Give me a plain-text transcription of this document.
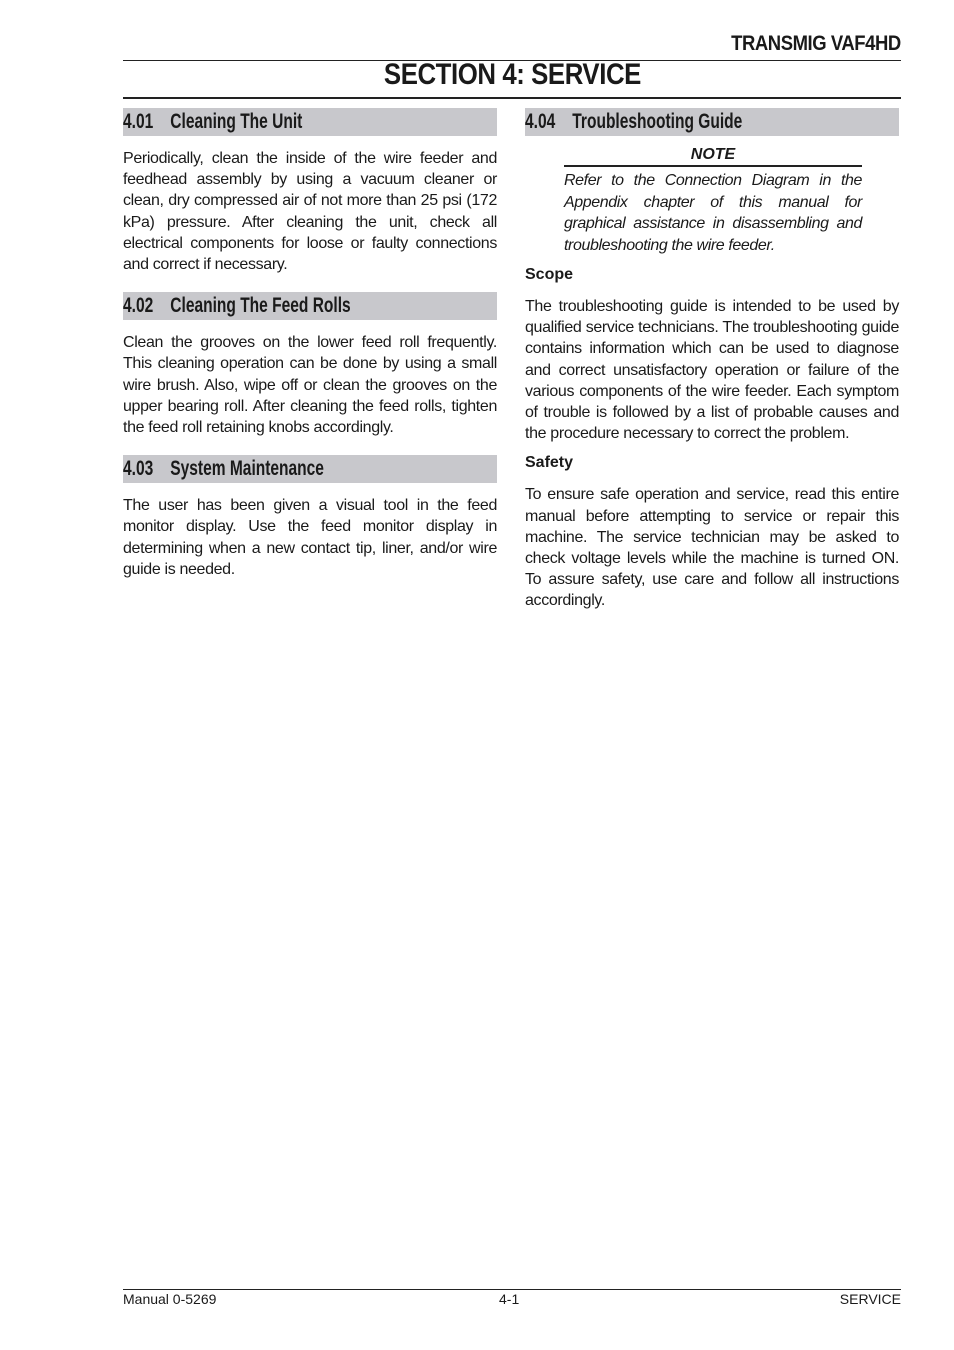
TRANSMIG VAF4HD
SECTION 4: SERVICE
4.01 Cleaning The Unit

Periodically, clean the inside of the wire feeder and feedhead assembly by using a vacuum cleaner or clean, dry compressed air of not more than 25 psi (172 kPa) pressure. After cleaning the unit, check all electrical components for loose or faulty connections and correct if necessary.

4.02 Cleaning The Feed Rolls

Clean the grooves on the lower feed roll frequently. This cleaning operation can be done by using a small wire brush. Also, wipe off or clean the grooves on the upper bearing roll. After cleaning the feed rolls, tighten the feed roll retaining knobs accordingly.

4.03 System Maintenance

The user has been given a visual tool in the feed monitor display. Use the feed monitor display in determining when a new contact tip, liner, and/or wire guide is needed.

4.04 Troubleshooting Guide
NOTE
Refer to the Connection Diagram in the Appendix chapter of this manual for graphical assistance in disassembling and troubleshooting the wire feeder.
Scope

The troubleshooting guide is intended to be used by qualified service technicians. The troubleshooting guide contains information which can be used to diagnose and correct unsatisfactory operation or failure of the various components of the wire feeder. Each symptom of trouble is followed by a list of probable causes and the procedure necessary to correct the problem.

Safety

To ensure safe operation and service, read this entire manual before attempting to service or repair this machine. The service technician may be asked to check voltage levels while the machine is turned ON. To assure safety, use care and follow all instructions accordingly.

Manual 0-5269	4-1	SERVICE
